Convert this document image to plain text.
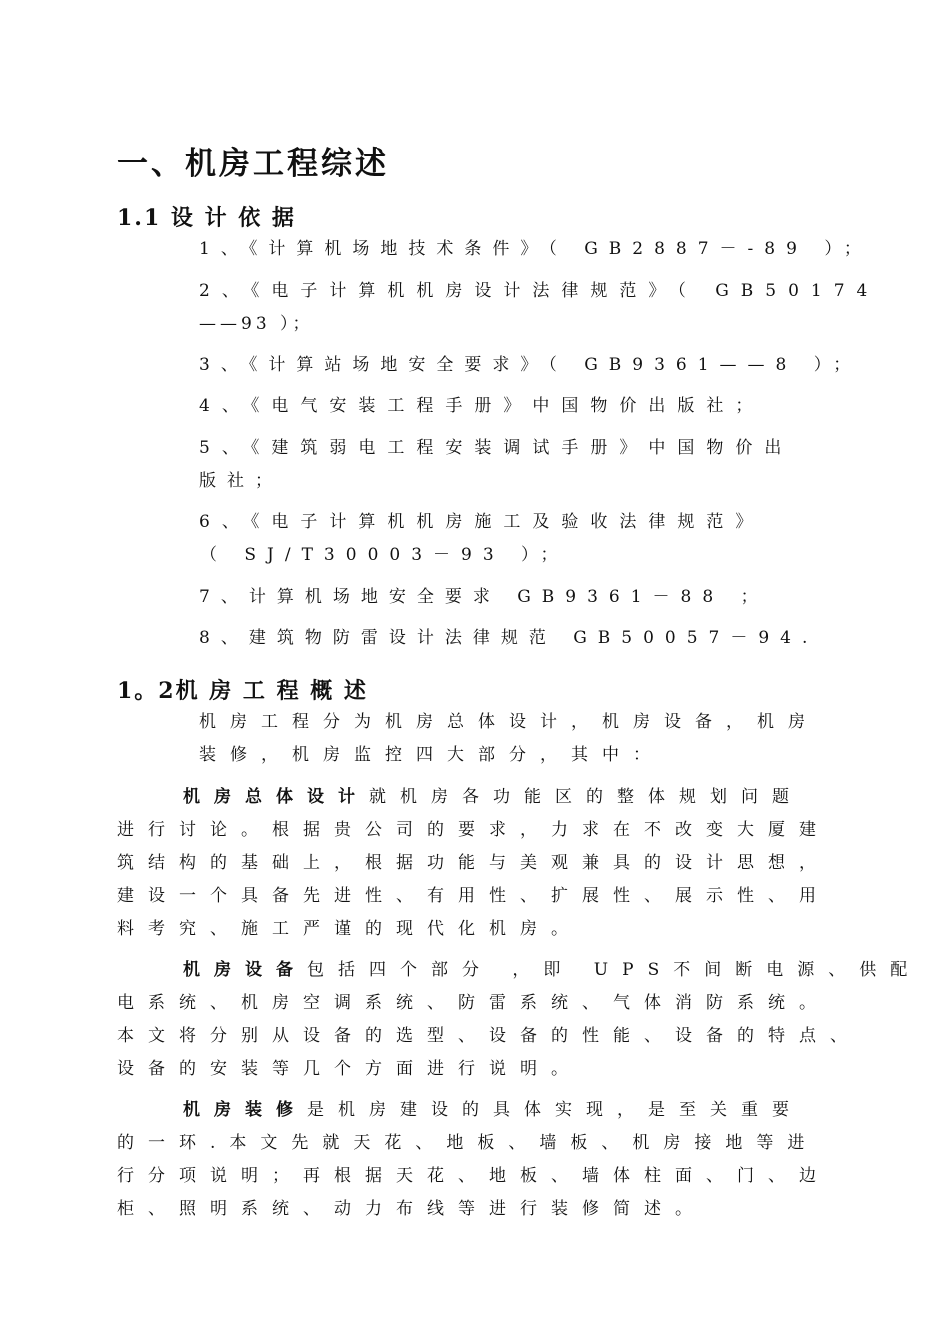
一、机房工程综述
1.1 设 计 依 据
1、《计算机场地技术条件》（ GB2887－-89 ）；
2、《电子计算机机房设计法律规范》（ GB50174
——93 ）；
3、《计算站场地安全要求》（ GB9361——8 ）；
4、《电气安装工程手册》中国物价出版社；
5、《建筑弱电工程安装调试手册》中国物价出
版社；
6、《电子计算机机房施工及验收法律规范》
（ SJ/T30003－93 ）；
7、计算机场地安全要求 GB9361－88 ；
8、建筑物防雷设计法律规范 GB50057－94.
1。2机 房 工 程 概 述
机房工程分为机房总体设计，机房设备，机房
装修，机房监控四大部分，其中：
机房总体设计就机房各功能区的整体规划问题
进行讨论。根据贵公司的要求，力求在不改变大厦建
筑结构的基础上，根据功能与美观兼具的设计思想，
建设一个具备先进性、有用性、扩展性、展示性、用
料考究、施工严谨的现代化机房。
机房设备包括四个部分 ，即 UPS不间断电源、供配
电系统、机房空调系统、防雷系统、气体消防系统。
本文将分别从设备的选型、设备的性能、设备的特点、
设备的安装等几个方面进行说明。
机房装修是机房建设的具体实现，是至关重要
的一环.本文先就天花、地板、墙板、机房接地等进
行分项说明；再根据天花、地板、墙体柱面、门、边
柜、照明系统、动力布线等进行装修简述。
